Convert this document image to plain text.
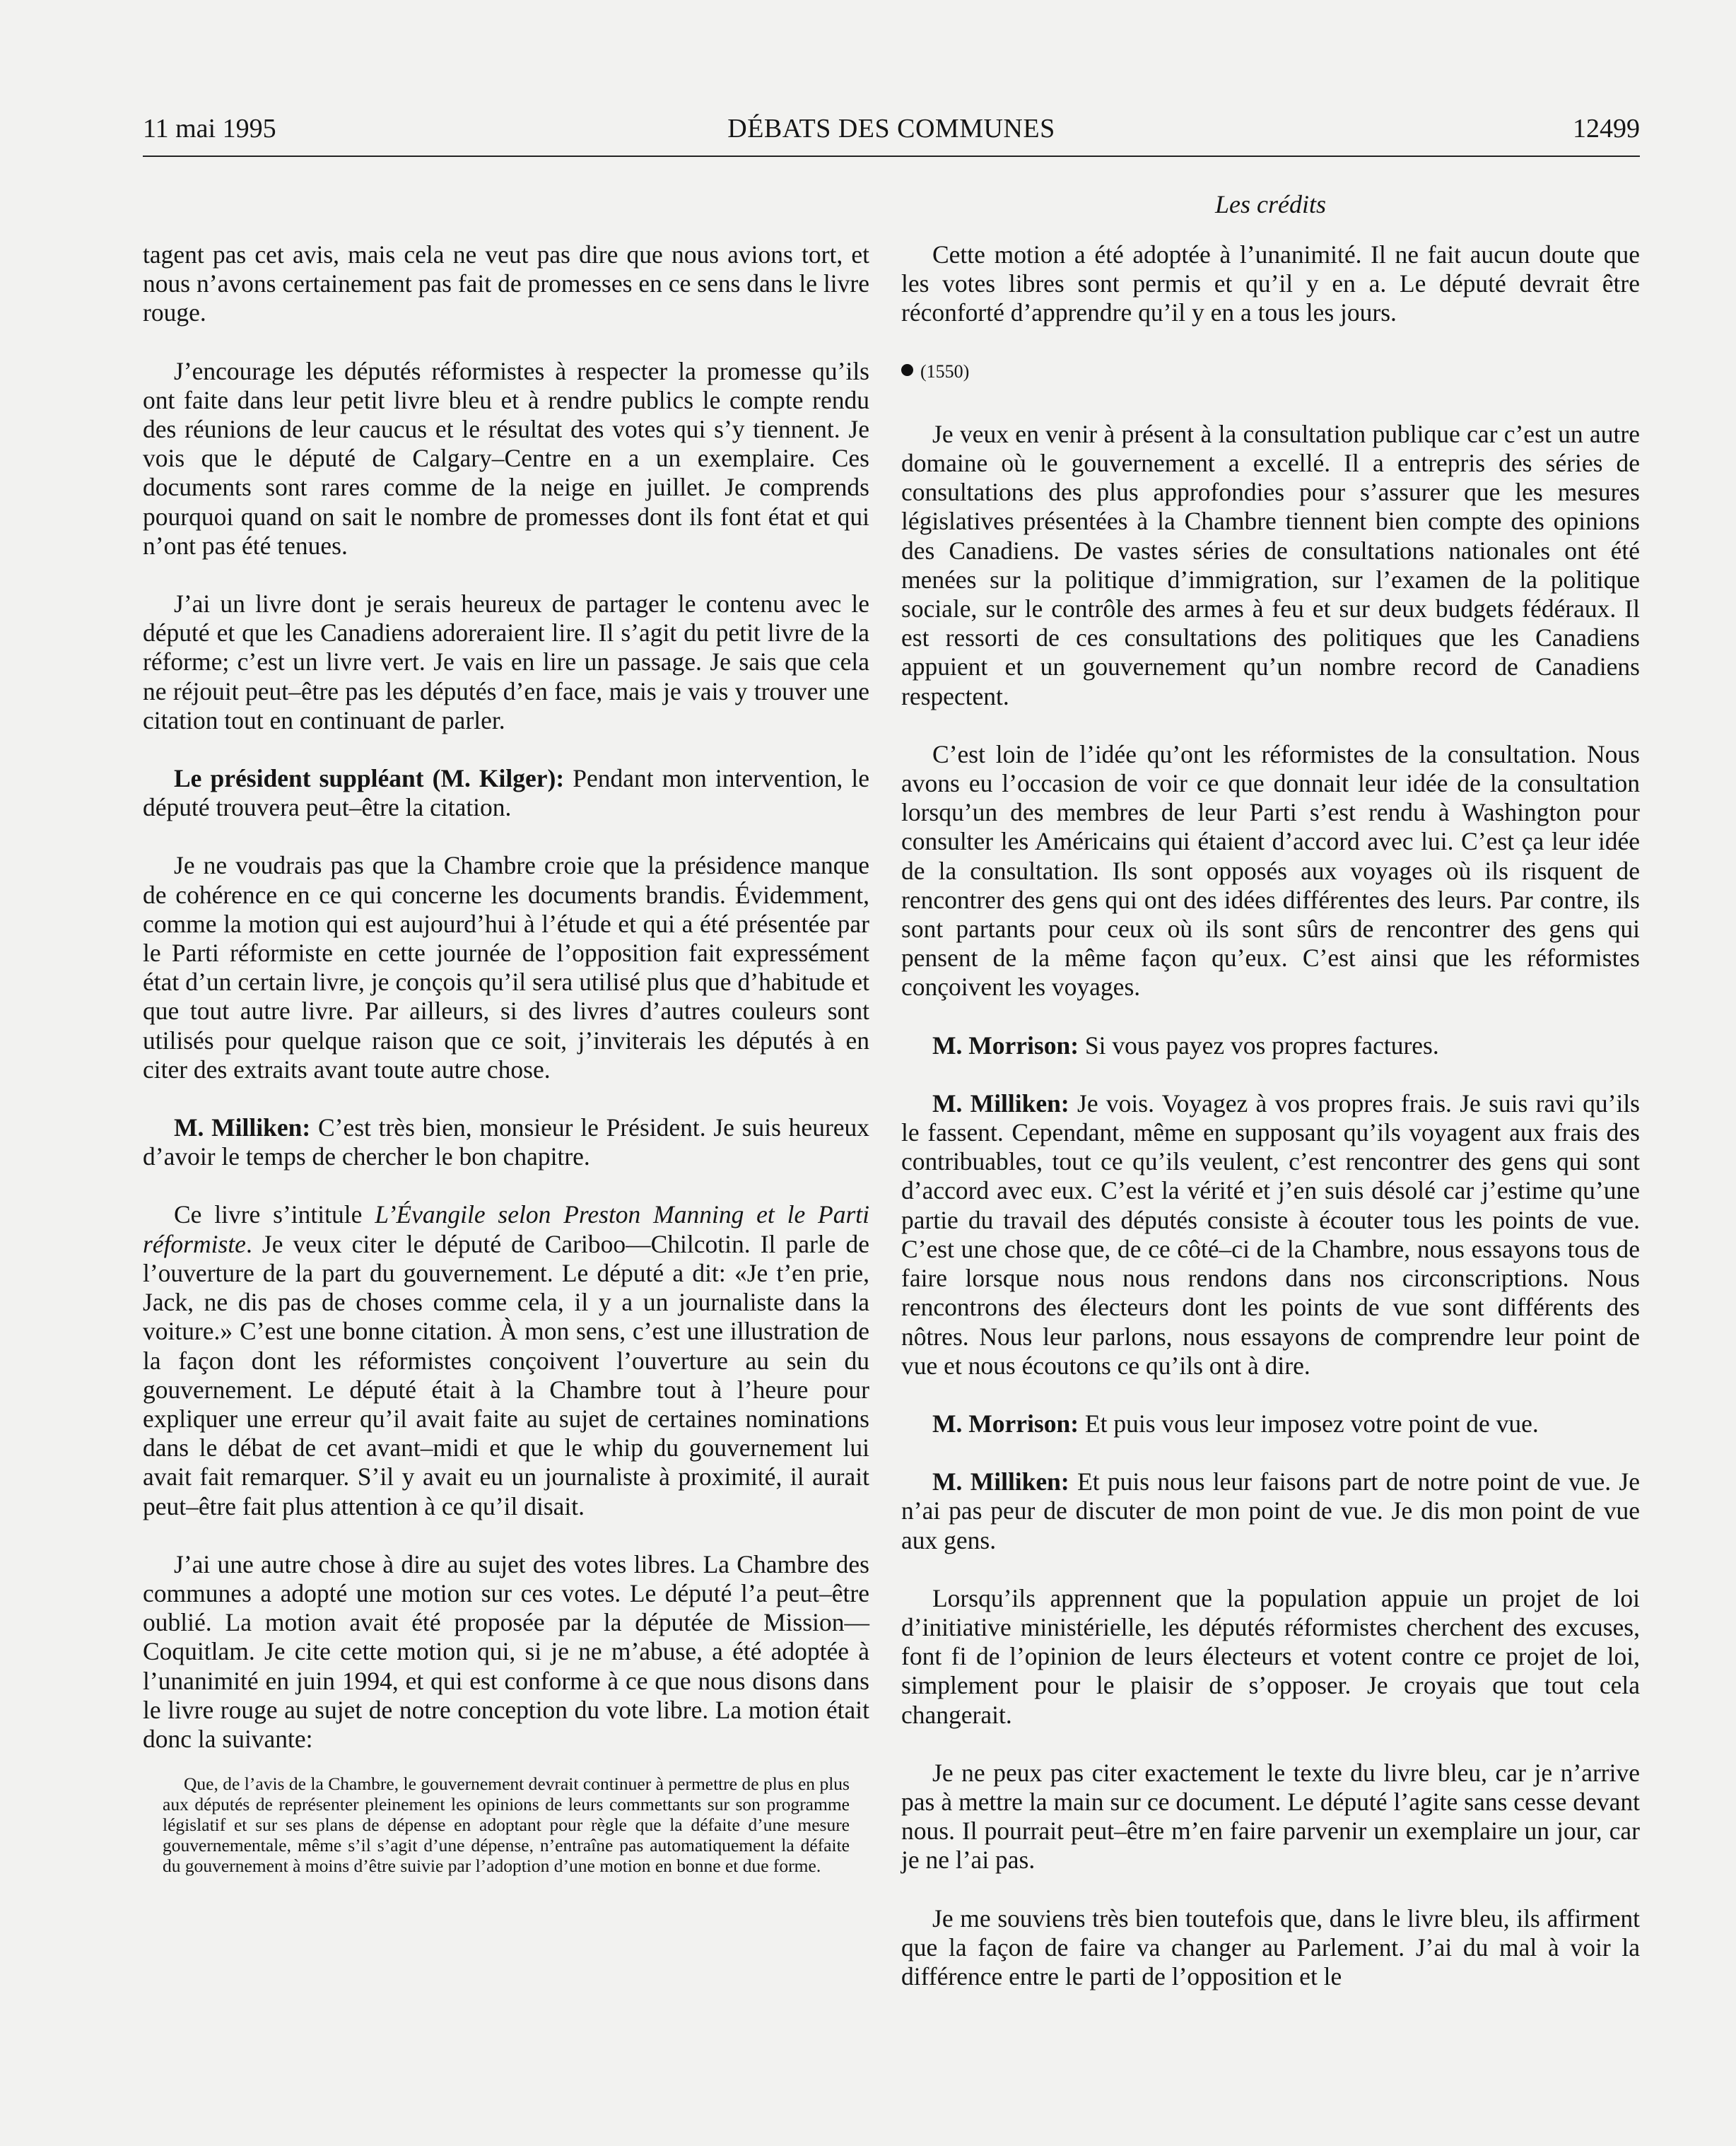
11 mai 1995	DÉBATS DES COMMUNES	12499
Les crédits

tagent pas cet avis, mais cela ne veut pas dire que nous avions tort, et nous n’avons certainement pas fait de promesses en ce sens dans le livre rouge.

J’encourage les députés réformistes à respecter la promesse qu’ils ont faite dans leur petit livre bleu et à rendre publics le compte rendu des réunions de leur caucus et le résultat des votes qui s’y tiennent. Je vois que le député de Calgary–Centre en a un exemplaire. Ces documents sont rares comme de la neige en juillet. Je comprends pourquoi quand on sait le nombre de promesses dont ils font état et qui n’ont pas été tenues.

J’ai un livre dont je serais heureux de partager le contenu avec le député et que les Canadiens adoreraient lire. Il s’agit du petit livre de la réforme; c’est un livre vert. Je vais en lire un passage. Je sais que cela ne réjouit peut–être pas les députés d’en face, mais je vais y trouver une citation tout en continuant de parler.

Le président suppléant (M. Kilger): Pendant mon intervention, le député trouvera peut–être la citation.

Je ne voudrais pas que la Chambre croie que la présidence manque de cohérence en ce qui concerne les documents brandis. Évidemment, comme la motion qui est aujourd’hui à l’étude et qui a été présentée par le Parti réformiste en cette journée de l’opposition fait expressément état d’un certain livre, je conçois qu’il sera utilisé plus que d’habitude et que tout autre livre. Par ailleurs, si des livres d’autres couleurs sont utilisés pour quelque raison que ce soit, j’inviterais les députés à en citer des extraits avant toute autre chose.

M. Milliken: C’est très bien, monsieur le Président. Je suis heureux d’avoir le temps de chercher le bon chapitre.

Ce livre s’intitule L’Évangile selon Preston Manning et le Parti réformiste. Je veux citer le député de Cariboo—Chilcotin. Il parle de l’ouverture de la part du gouvernement. Le député a dit: «Je t’en prie, Jack, ne dis pas de choses comme cela, il y a un journaliste dans la voiture.» C’est une bonne citation. À mon sens, c’est une illustration de la façon dont les réformistes conçoivent l’ouverture au sein du gouvernement. Le député était à la Chambre tout à l’heure pour expliquer une erreur qu’il avait faite au sujet de certaines nominations dans le débat de cet avant–midi et que le whip du gouvernement lui avait fait remarquer. S’il y avait eu un journaliste à proximité, il aurait peut–être fait plus attention à ce qu’il disait.

J’ai une autre chose à dire au sujet des votes libres. La Chambre des communes a adopté une motion sur ces votes. Le député l’a peut–être oublié. La motion avait été proposée par la députée de Mission—Coquitlam. Je cite cette motion qui, si je ne m’abuse, a été adoptée à l’unanimité en juin 1994, et qui est conforme à ce que nous disons dans le livre rouge au sujet de notre conception du vote libre. La motion était donc la suivante:

Que, de l’avis de la Chambre, le gouvernement devrait continuer à permettre de plus en plus aux députés de représenter pleinement les opinions de leurs commettants sur son programme législatif et sur ses plans de dépense en adoptant pour règle que la défaite d’une mesure gouvernementale, même s’il s’agit d’une dépense, n’entraîne pas automatiquement la défaite du gouvernement à moins d’être suivie par l’adoption d’une motion en bonne et due forme.

Cette motion a été adoptée à l’unanimité. Il ne fait aucun doute que les votes libres sont permis et qu’il y en a. Le député devrait être réconforté d’apprendre qu’il y en a tous les jours.

(1550)

Je veux en venir à présent à la consultation publique car c’est un autre domaine où le gouvernement a excellé. Il a entrepris des séries de consultations des plus approfondies pour s’assurer que les mesures législatives présentées à la Chambre tiennent bien compte des opinions des Canadiens. De vastes séries de consultations nationales ont été menées sur la politique d’immigration, sur l’examen de la politique sociale, sur le contrôle des armes à feu et sur deux budgets fédéraux. Il est ressorti de ces consultations des politiques que les Canadiens appuient et un gouvernement qu’un nombre record de Canadiens respectent.

C’est loin de l’idée qu’ont les réformistes de la consultation. Nous avons eu l’occasion de voir ce que donnait leur idée de la consultation lorsqu’un des membres de leur Parti s’est rendu à Washington pour consulter les Américains qui étaient d’accord avec lui. C’est ça leur idée de la consultation. Ils sont opposés aux voyages où ils risquent de rencontrer des gens qui ont des idées différentes des leurs. Par contre, ils sont partants pour ceux où ils sont sûrs de rencontrer des gens qui pensent de la même façon qu’eux. C’est ainsi que les réformistes conçoivent les voyages.

M. Morrison: Si vous payez vos propres factures.

M. Milliken: Je vois. Voyagez à vos propres frais. Je suis ravi qu’ils le fassent. Cependant, même en supposant qu’ils voyagent aux frais des contribuables, tout ce qu’ils veulent, c’est rencontrer des gens qui sont d’accord avec eux. C’est la vérité et j’en suis désolé car j’estime qu’une partie du travail des députés consiste à écouter tous les points de vue. C’est une chose que, de ce côté–ci de la Chambre, nous essayons tous de faire lorsque nous nous rendons dans nos circonscriptions. Nous rencontrons des électeurs dont les points de vue sont différents des nôtres. Nous leur parlons, nous essayons de comprendre leur point de vue et nous écoutons ce qu’ils ont à dire.

M. Morrison: Et puis vous leur imposez votre point de vue.

M. Milliken: Et puis nous leur faisons part de notre point de vue. Je n’ai pas peur de discuter de mon point de vue. Je dis mon point de vue aux gens.

Lorsqu’ils apprennent que la population appuie un projet de loi d’initiative ministérielle, les députés réformistes cherchent des excuses, font fi de l’opinion de leurs électeurs et votent contre ce projet de loi, simplement pour le plaisir de s’opposer. Je croyais que tout cela changerait.

Je ne peux pas citer exactement le texte du livre bleu, car je n’arrive pas à mettre la main sur ce document. Le député l’agite sans cesse devant nous. Il pourrait peut–être m’en faire parvenir un exemplaire un jour, car je ne l’ai pas.

Je me souviens très bien toutefois que, dans le livre bleu, ils affirment que la façon de faire va changer au Parlement. J’ai du mal à voir la différence entre le parti de l’opposition et le
